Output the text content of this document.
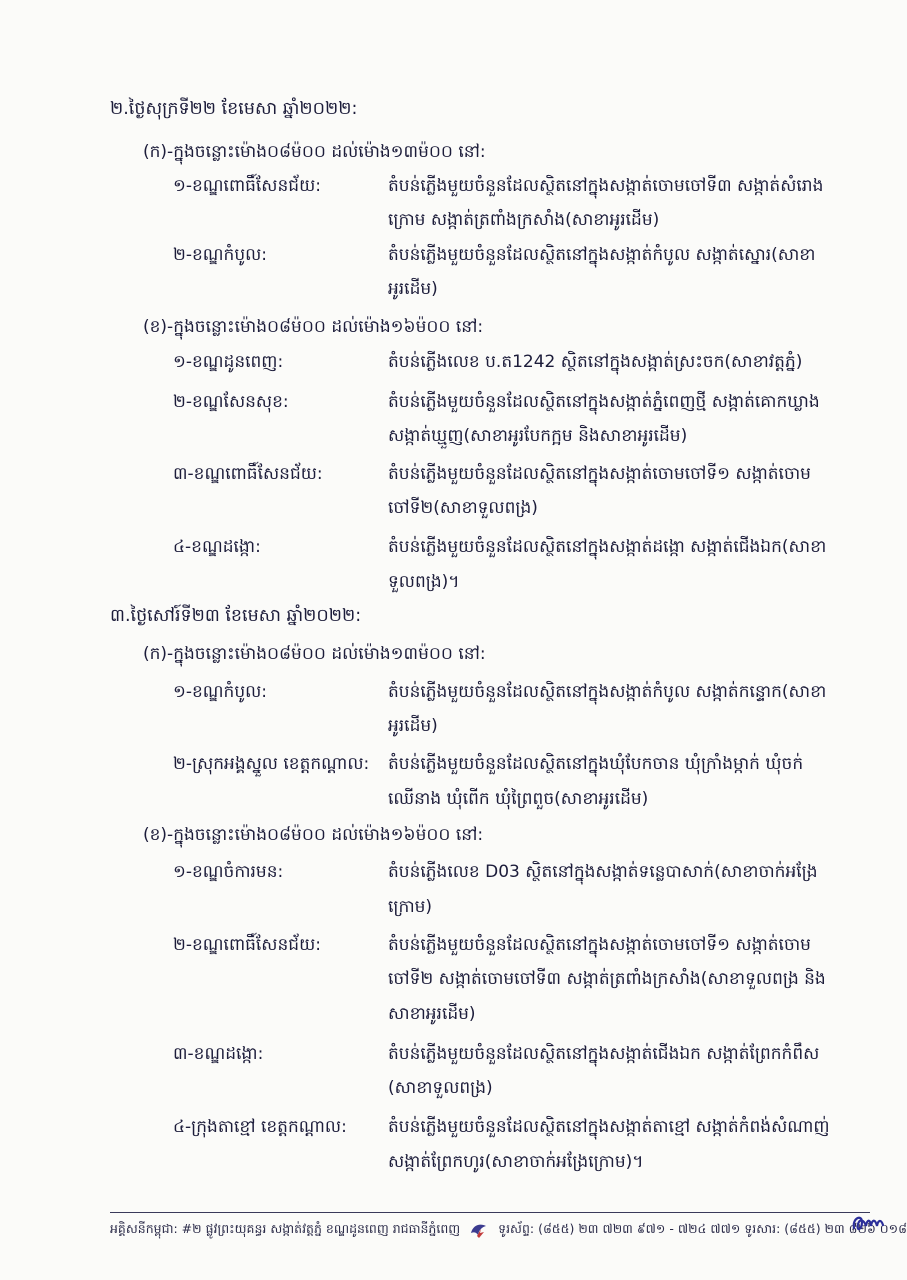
២.ថ្ងៃសុក្រទី២២ ខែមេសា ឆ្នាំ២០២២:
(ក)-ក្នុងចន្លោះម៉ោង០៨ម៉០០ ដល់ម៉ោង១៣ម៉០០ នៅ:
១-ខណ្ឌពោធិ៍សែនជ័យ:	តំបន់ភ្លើងមួយចំនួនដែលស្ថិតនៅក្នុងសង្កាត់ចោមចៅទី៣ សង្កាត់សំរោង
ក្រោម សង្កាត់ត្រពាំងក្រសាំង(សាខាអូរដើម)
២-ខណ្ឌកំបូល:	តំបន់ភ្លើងមួយចំនួនដែលស្ថិតនៅក្នុងសង្កាត់កំបូល សង្កាត់ស្នោរ(សាខា
អូរដើម)
(ខ)-ក្នុងចន្លោះម៉ោង០៨ម៉០០ ដល់ម៉ោង១៦ម៉០០ នៅ:
១-ខណ្ឌដូនពេញ:	តំបន់ភ្លើងលេខ ប.ត1242 ស្ថិតនៅក្នុងសង្កាត់ស្រះចក(សាខាវត្តភ្នំ)
២-ខណ្ឌសែនសុខ:	តំបន់ភ្លើងមួយចំនួនដែលស្ថិតនៅក្នុងសង្កាត់ភ្នំពេញថ្មី សង្កាត់គោកឃ្លាង
សង្កាត់ឃ្មួញ(សាខាអូរបែកក្អម និងសាខាអូរដើម)
៣-ខណ្ឌពោធិ៍សែនជ័យ:	តំបន់ភ្លើងមួយចំនួនដែលស្ថិតនៅក្នុងសង្កាត់ចោមចៅទី១ សង្កាត់ចោម
ចៅទី២(សាខាទួលពង្រ)
៤-ខណ្ឌដង្កោ:	តំបន់ភ្លើងមួយចំនួនដែលស្ថិតនៅក្នុងសង្កាត់ដង្កោ សង្កាត់ជើងឯក(សាខា
ទួលពង្រ)។
៣.ថ្ងៃសៅរ៍ទី២៣ ខែមេសា ឆ្នាំ២០២២:
(ក)-ក្នុងចន្លោះម៉ោង០៨ម៉០០ ដល់ម៉ោង១៣ម៉០០ នៅ:
១-ខណ្ឌកំបូល:	តំបន់ភ្លើងមួយចំនួនដែលស្ថិតនៅក្នុងសង្កាត់កំបូល សង្កាត់កន្ទោក(សាខា
អូរដើម)
២-ស្រុកអង្គស្នួល ខេត្តកណ្ដាល: តំបន់ភ្លើងមួយចំនួនដែលស្ថិតនៅក្នុងឃុំបែកចាន ឃុំក្រាំងម្កាក់ ឃុំចក់
ឈើនាង ឃុំពើក ឃុំព្រៃពួច(សាខាអូរដើម)
(ខ)-ក្នុងចន្លោះម៉ោង០៨ម៉០០ ដល់ម៉ោង១៦ម៉០០ នៅ:
១-ខណ្ឌចំការមន:	តំបន់ភ្លើងលេខ D03 ស្ថិតនៅក្នុងសង្កាត់ទន្លេបាសាក់(សាខាចាក់អង្រែ
ក្រោម)
២-ខណ្ឌពោធិ៍សែនជ័យ:	តំបន់ភ្លើងមួយចំនួនដែលស្ថិតនៅក្នុងសង្កាត់ចោមចៅទី១ សង្កាត់ចោម
ចៅទី២ សង្កាត់ចោមចៅទី៣ សង្កាត់ត្រពាំងក្រសាំង(សាខាទួលពង្រ និង
សាខាអូរដើម)
៣-ខណ្ឌដង្កោ:	តំបន់ភ្លើងមួយចំនួនដែលស្ថិតនៅក្នុងសង្កាត់ជើងឯក សង្កាត់ព្រែកកំពឹស
(សាខាទួលពង្រ)
៤-ក្រុងតាខ្មៅ ខេត្តកណ្ដាល: តំបន់ភ្លើងមួយចំនួនដែលស្ថិតនៅក្នុងសង្កាត់តាខ្មៅ សង្កាត់កំពង់សំណាញ់
សង្កាត់ព្រែកហូរ(សាខាចាក់អង្រែក្រោម)។
អគ្គិសនីកម្ពុជា: #២ ផ្លូវព្រះយុគន្ធរ សង្កាត់វត្តភ្នំ ខណ្ឌដូនពេញ រាជធានីភ្នំពេញ	ទូរស័ព្ទ: (៨៥៥) ២៣ ៧២៣ ៩៧១ - ៧២៤ ៧៧១ ទូរសារ: (៨៥៥) ២៣ ៨២៦ ០១៨
